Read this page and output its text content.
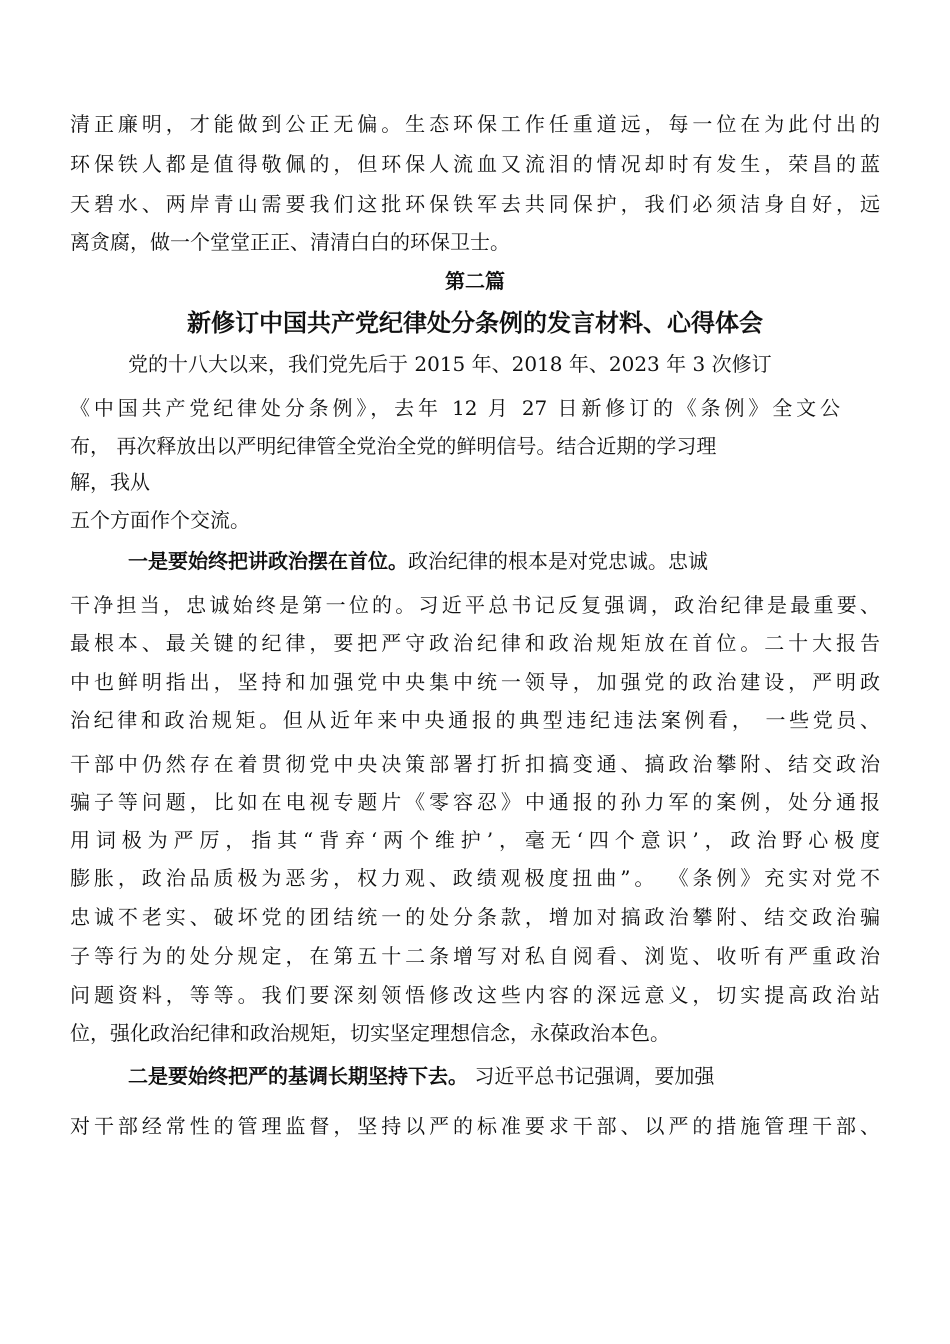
清正廉明，才能做到公正无偏。生态环保工作任重道远，每一位在为此付出的
环保铁人都是值得敬佩的，但环保人流血又流泪的情况却时有发生，荣昌的蓝
天碧水、两岸青山需要我们这批环保铁军去共同保护，我们必须洁身自好，远
离贪腐，做一个堂堂正正、清清白白的环保卫士。
第二篇
新修订中国共产党纪律处分条例的发言材料、心得体会
党的十八大以来，我们党先后于 2015 年、2018 年、2023 年 3 次修订
《中国共产党纪律处分条例》，去年 12 月 27 日新修订的《条例》全文公
布， 再次释放出以严明纪律管全党治全党的鲜明信号。结合近期的学习理
解，我从
五个方面作个交流。
一是要始终把讲政治摆在首位。政治纪律的根本是对党忠诚。忠诚
干净担当，忠诚始终是第一位的。习近平总书记反复强调，政治纪律是最重要、
最根本、最关键的纪律，要把严守政治纪律和政治规矩放在首位。二十大报告
中也鲜明指出，坚持和加强党中央集中统一领导，加强党的政治建设，严明政
治纪律和政治规矩。但从近年来中央通报的典型违纪违法案例看， 一些党员、
干部中仍然存在着贯彻党中央决策部署打折扣搞变通、搞政治攀附、结交政治
骗子等问题，比如在电视专题片《零容忍》中通报的孙力军的案例，处分通报
用词极为严厉，指其“背弃‘两个维护’，毫无‘四个意识’，政治野心极度
膨胀，政治品质极为恶劣，权力观、政绩观极度扭曲”。 《条例》充实对党不
忠诚不老实、破坏党的团结统一的处分条款，增加对搞政治攀附、结交政治骗
子等行为的处分规定，在第五十二条增写对私自阅看、浏览、收听有严重政治
问题资料，等等。我们要深刻领悟修改这些内容的深远意义，切实提高政治站
位，强化政治纪律和政治规矩，切实坚定理想信念，永葆政治本色。
二是要始终把严的基调长期坚持下去。 习近平总书记强调，要加强
对干部经常性的管理监督，坚持以严的标准要求干部、以严的措施管理干部、
